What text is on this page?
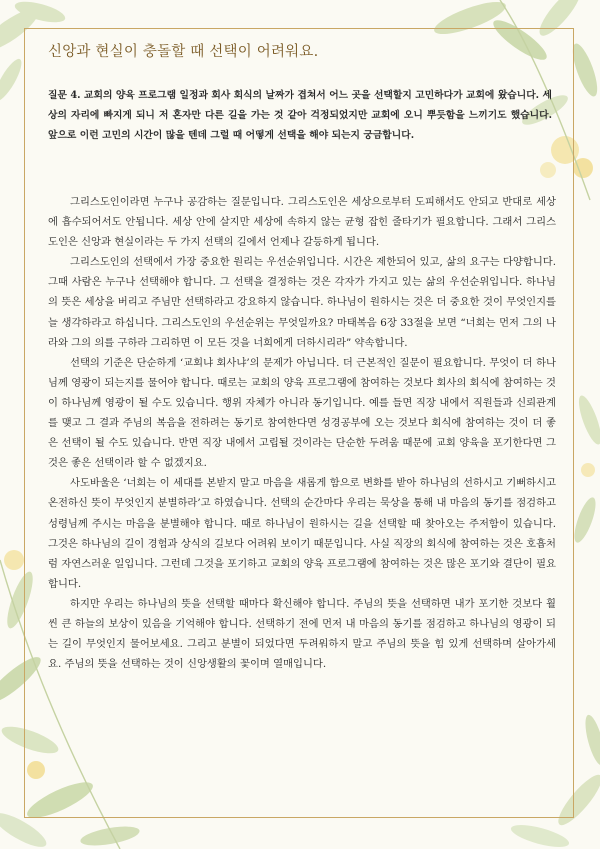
신앙과 현실이 충돌할 때 선택이 어려워요.

질문 4. 교회의 양육 프로그램 일정과 회사 회식의 날짜가 겹쳐서 어느 곳을 선택할지 고민하다가 교회에 왔습니다. 세상의 자리에 빠지게 되니 저 혼자만 다른 길을 가는 것 같아 걱정되었지만 교회에 오니 뿌듯함을 느끼기도 했습니다. 앞으로 이런 고민의 시간이 많을 텐데 그럴 때 어떻게 선택을 해야 되는지 궁금합니다.

그리스도인이라면 누구나 공감하는 질문입니다. 그리스도인은 세상으로부터 도피해서도 안되고 반대로 세상에 흡수되어서도 안됩니다. 세상 안에 살지만 세상에 속하지 않는 균형 잡힌 줄타기가 필요합니다. 그래서 그리스도인은 신앙과 현실이라는 두 가지 선택의 길에서 언제나 갈등하게 됩니다.

그리스도인의 선택에서 가장 중요한 원리는 우선순위입니다. 시간은 제한되어 있고, 삶의 요구는 다양합니다. 그때 사람은 누구나 선택해야 합니다. 그 선택을 결정하는 것은 각자가 가지고 있는 삶의 우선순위입니다. 하나님의 뜻은 세상을 버리고 주님만 선택하라고 강요하지 않습니다. 하나님이 원하시는 것은 더 중요한 것이 무엇인지를 늘 생각하라고 하십니다. 그리스도인의 우선순위는 무엇일까요? 마태복음 6장 33절을 보면 “너희는 먼저 그의 나라와 그의 의를 구하라 그리하면 이 모든 것을 너희에게 더하시리라” 약속합니다.

선택의 기준은 단순하게 ‘교회냐 회사냐’의 문제가 아닙니다. 더 근본적인 질문이 필요합니다. 무엇이 더 하나님께 영광이 되는지를 물어야 합니다. 때로는 교회의 양육 프로그램에 참여하는 것보다 회사의 회식에 참여하는 것이 하나님께 영광이 될 수도 있습니다. 행위 자체가 아니라 동기입니다. 예를 들면 직장 내에서 직원들과 신뢰관계를 맺고 그 결과 주님의 복음을 전하려는 동기로 참여한다면 성경공부에 오는 것보다 회식에 참여하는 것이 더 좋은 선택이 될 수도 있습니다. 반면 직장 내에서 고립될 것이라는 단순한 두려움 때문에 교회 양육을 포기한다면 그것은 좋은 선택이라 할 수 없겠지요.

사도바울은 ‘너희는 이 세대를 본받지 말고 마음을 새롭게 함으로 변화를 받아 하나님의 선하시고 기뻐하시고 온전하신 뜻이 무엇인지 분별하라’고 하였습니다. 선택의 순간마다 우리는 묵상을 통해 내 마음의 동기를 점검하고 성령님께 주시는 마음을 분별해야 합니다. 때로 하나님이 원하시는 길을 선택할 때 찾아오는 주저함이 있습니다. 그것은 하나님의 길이 경험과 상식의 길보다 어려워 보이기 때문입니다. 사실 직장의 회식에 참여하는 것은 호흡처럼 자연스러운 일입니다. 그런데 그것을 포기하고 교회의 양육 프로그램에 참여하는 것은 많은 포기와 결단이 필요합니다.

하지만 우리는 하나님의 뜻을 선택할 때마다 확신해야 합니다. 주님의 뜻을 선택하면 내가 포기한 것보다 훨씬 큰 하늘의 보상이 있음을 기억해야 합니다. 선택하기 전에 먼저 내 마음의 동기를 점검하고 하나님의 영광이 되는 길이 무엇인지 물어보세요. 그리고 분별이 되었다면 두려워하지 말고 주님의 뜻을 힘 있게 선택하며 살아가세요. 주님의 뜻을 선택하는 것이 신앙생활의 꽃이며 열매입니다.
